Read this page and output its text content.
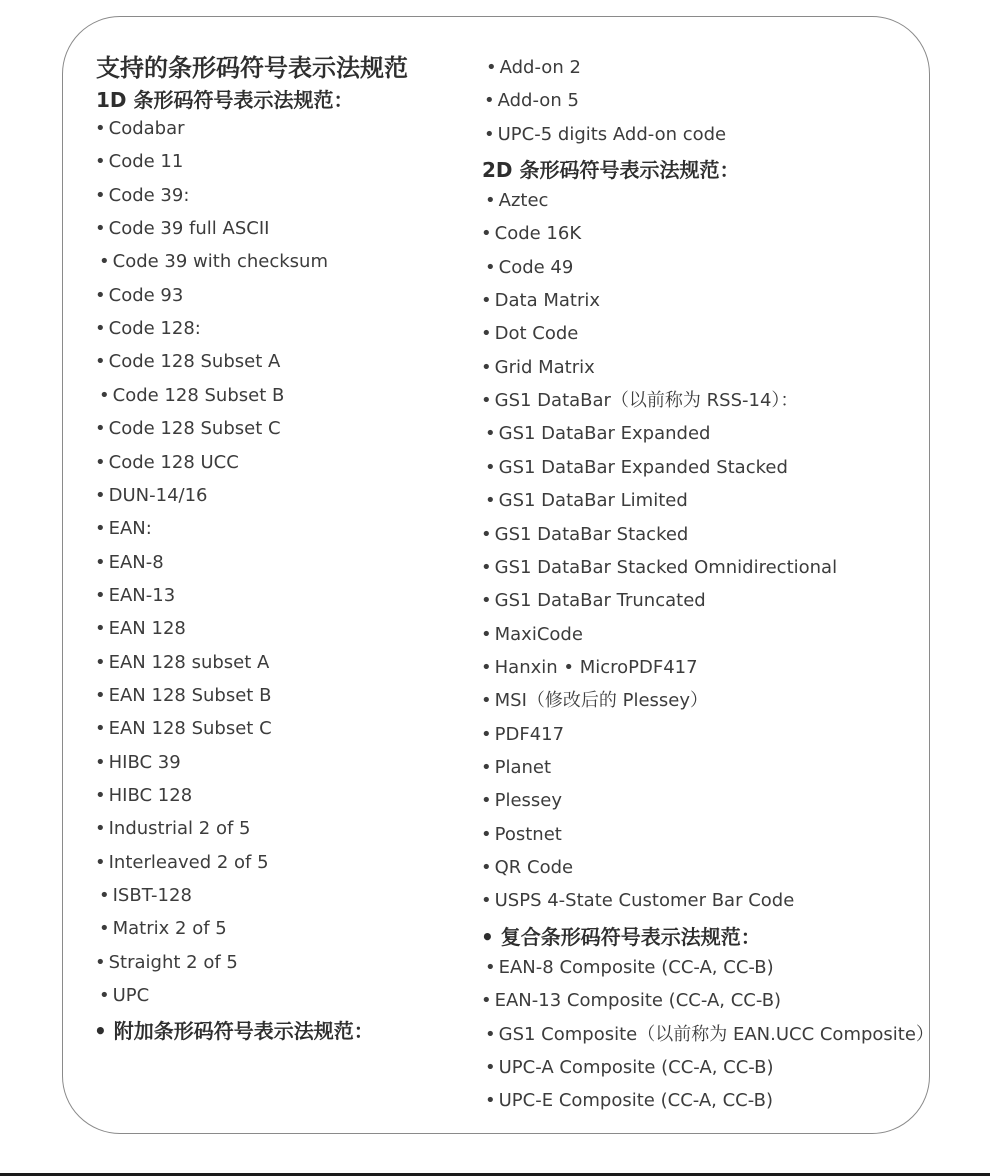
支持的条形码符号表示法规范
1D 条形码符号表示法规范：
• Codabar
• Code 11
• Code 39:
• Code 39 full ASCII
• Code 39 with checksum
• Code 93
• Code 128:
• Code 128 Subset A
• Code 128 Subset B
• Code 128 Subset C
• Code 128 UCC
• DUN-14/16
• EAN:
• EAN-8
• EAN-13
• EAN 128
• EAN 128 subset A
• EAN 128 Subset B
• EAN 128 Subset C
• HIBC 39
• HIBC 128
• Industrial 2 of 5
• Interleaved 2 of 5
• ISBT-128
• Matrix 2 of 5
• Straight 2 of 5
• UPC
• 附加条形码符号表示法规范：
• Add-on 2
• Add-on 5
• UPC-5 digits Add-on code
2D 条形码符号表示法规范：
• Aztec
• Code 16K
• Code 49
• Data Matrix
• Dot Code
• Grid Matrix
• GS1 DataBar（以前称为 RSS-14）：
• GS1 DataBar Expanded
• GS1 DataBar Expanded Stacked
• GS1 DataBar Limited
• GS1 DataBar Stacked
• GS1 DataBar Stacked Omnidirectional
• GS1 DataBar Truncated
• MaxiCode
• Hanxin • MicroPDF417
• MSI（修改后的 Plessey）
• PDF417
• Planet
• Plessey
• Postnet
• QR Code
• USPS 4-State Customer Bar Code
• 复合条形码符号表示法规范：
• EAN-8 Composite (CC-A, CC-B)
• EAN-13 Composite (CC-A, CC-B)
• GS1 Composite（以前称为 EAN.UCC Composite）
• UPC-A Composite (CC-A, CC-B)
• UPC-E Composite (CC-A, CC-B)
